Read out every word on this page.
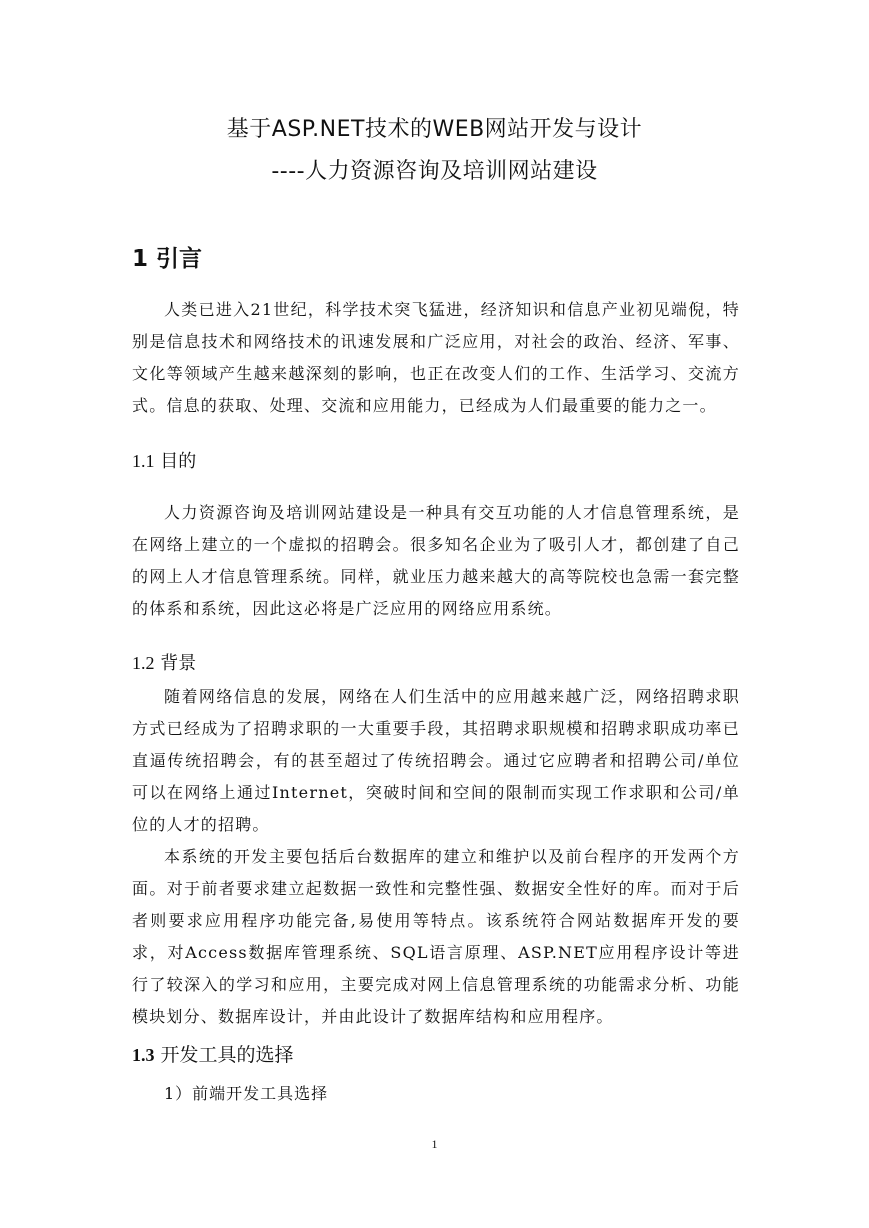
基于ASP.NET技术的WEB网站开发与设计
----人力资源咨询及培训网站建设
1 引言

人类已进入21世纪，科学技术突飞猛进，经济知识和信息产业初见端倪，特别是信息技术和网络技术的讯速发展和广泛应用，对社会的政治、经济、军事、文化等领域产生越来越深刻的影响，也正在改变人们的工作、生活学习、交流方式。信息的获取、处理、交流和应用能力，已经成为人们最重要的能力之一。

1.1 目的

人力资源咨询及培训网站建设是一种具有交互功能的人才信息管理系统，是在网络上建立的一个虚拟的招聘会。很多知名企业为了吸引人才，都创建了自己的网上人才信息管理系统。同样，就业压力越来越大的高等院校也急需一套完整的体系和系统，因此这必将是广泛应用的网络应用系统。

1.2 背景

随着网络信息的发展，网络在人们生活中的应用越来越广泛，网络招聘求职方式已经成为了招聘求职的一大重要手段，其招聘求职规模和招聘求职成功率已直逼传统招聘会，有的甚至超过了传统招聘会。通过它应聘者和招聘公司/单位可以在网络上通过Internet，突破时间和空间的限制而实现工作求职和公司/单位的人才的招聘。

本系统的开发主要包括后台数据库的建立和维护以及前台程序的开发两个方面。对于前者要求建立起数据一致性和完整性强、数据安全性好的库。而对于后者则要求应用程序功能完备,易使用等特点。该系统符合网站数据库开发的要求，对Access数据库管理系统、SQL语言原理、ASP.NET应用程序设计等进行了较深入的学习和应用，主要完成对网上信息管理系统的功能需求分析、功能模块划分、数据库设计，并由此设计了数据库结构和应用程序。

1.3 开发工具的选择
1）前端开发工具选择
1
